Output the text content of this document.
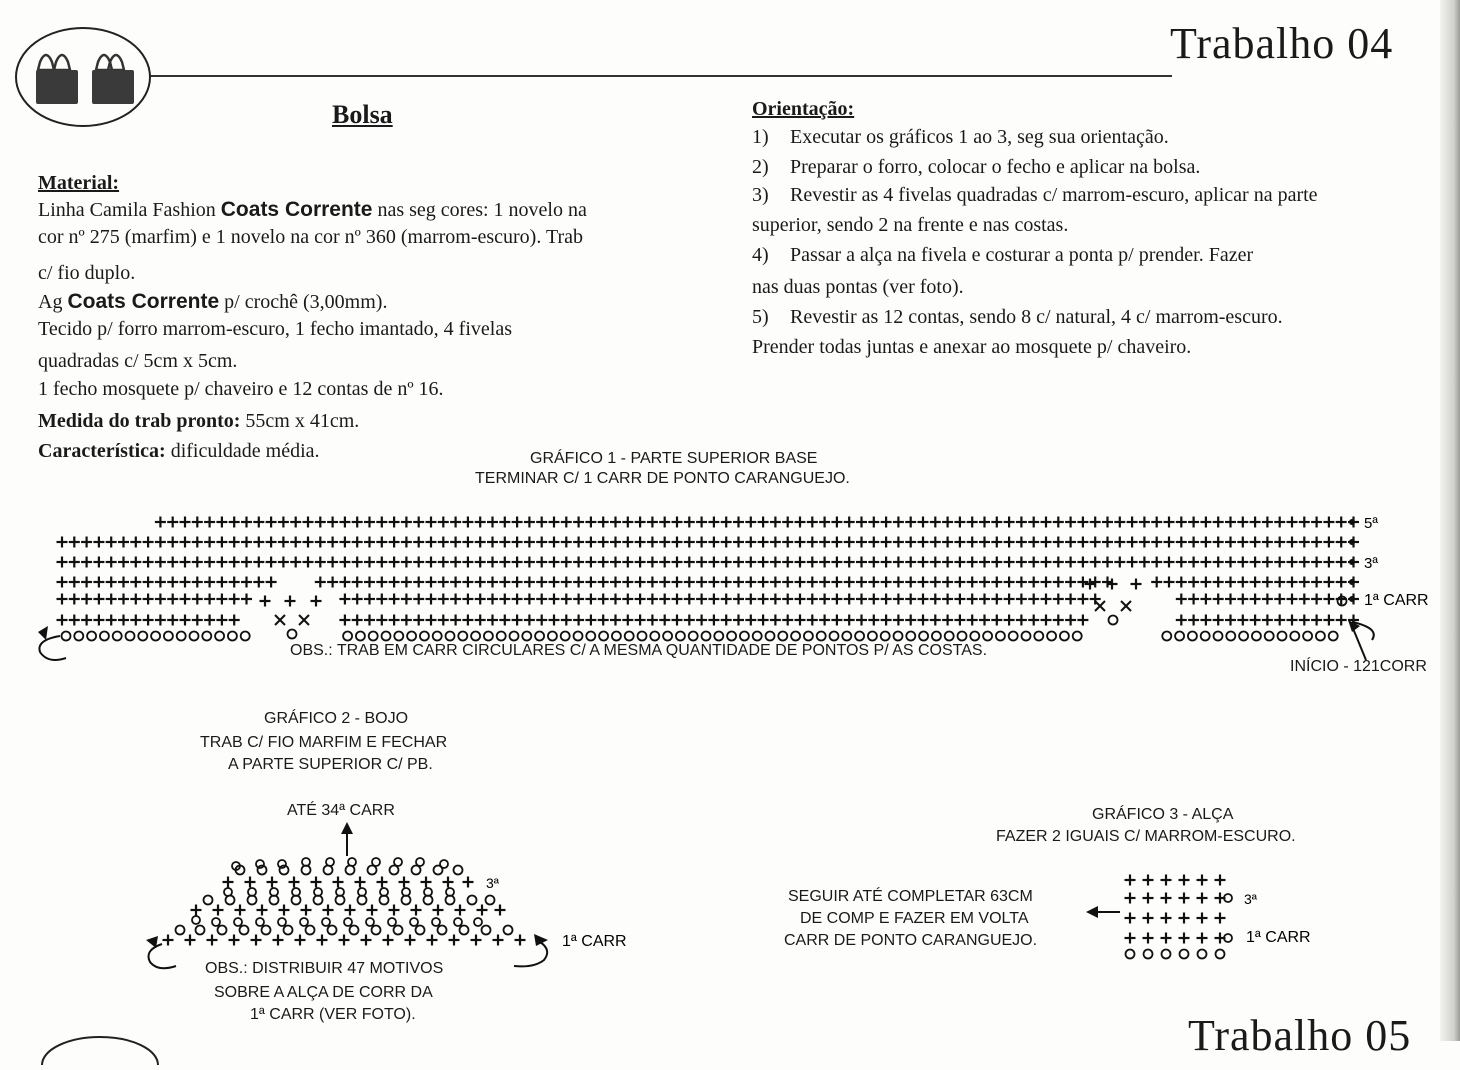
Trabalho 04
Bolsa
Material:
Linha Camila Fashion Coats Corrente nas seg cores: 1 novelo na
cor nº 275 (marfim) e 1 novelo na cor nº 360 (marrom-escuro). Trab
c/ fio duplo.
Ag Coats Corrente p/ crochê (3,00mm).
Tecido p/ forro marrom-escuro, 1 fecho imantado, 4 fivelas
quadradas c/ 5cm x 5cm.
1 fecho mosquete p/ chaveiro e 12 contas de nº 16.
Medida do trab pronto: 55cm x 41cm.
Característica: dificuldade média.
Orientação:
1) Executar os gráficos 1 ao 3, seg sua orientação.
2) Preparar o forro, colocar o fecho e aplicar na bolsa.
3) Revestir as 4 fivelas quadradas c/ marrom-escuro, aplicar na parte
superior, sendo 2 na frente e nas costas.
4) Passar a alça na fivela e costurar a ponta p/ prender. Fazer
nas duas pontas (ver foto).
5) Revestir as 12 contas, sendo 8 c/ natural, 4 c/ marrom-escuro.
Prender todas juntas e anexar ao mosquete p/ chaveiro.
GRÁFICO 1 - PARTE SUPERIOR BASE
TERMINAR C/ 1 CARR DE PONTO CARANGUEJO.
OBS.: TRAB EM CARR CIRCULARES C/ A MESMA QUANTIDADE DE PONTOS P/ AS COSTAS.
INÍCIO - 121CORR
GRÁFICO 2 - BOJO
TRAB C/ FIO MARFIM E FECHAR
A PARTE SUPERIOR C/ PB.
ATÉ 34ª CARR
OBS.: DISTRIBUIR 47 MOTIVOS
SOBRE A ALÇA DE CORR DA
1ª CARR (VER FOTO).
GRÁFICO 3 - ALÇA
FAZER 2 IGUAIS C/ MARROM-ESCURO.
SEGUIR ATÉ COMPLETAR 63CM
DE COMP E FAZER EM VOLTA
CARR DE PONTO CARANGUEJO.
5ª
3ª
1ª CARR
3ª
1ª CARR
3ª
1ª CARR
Trabalho 05
